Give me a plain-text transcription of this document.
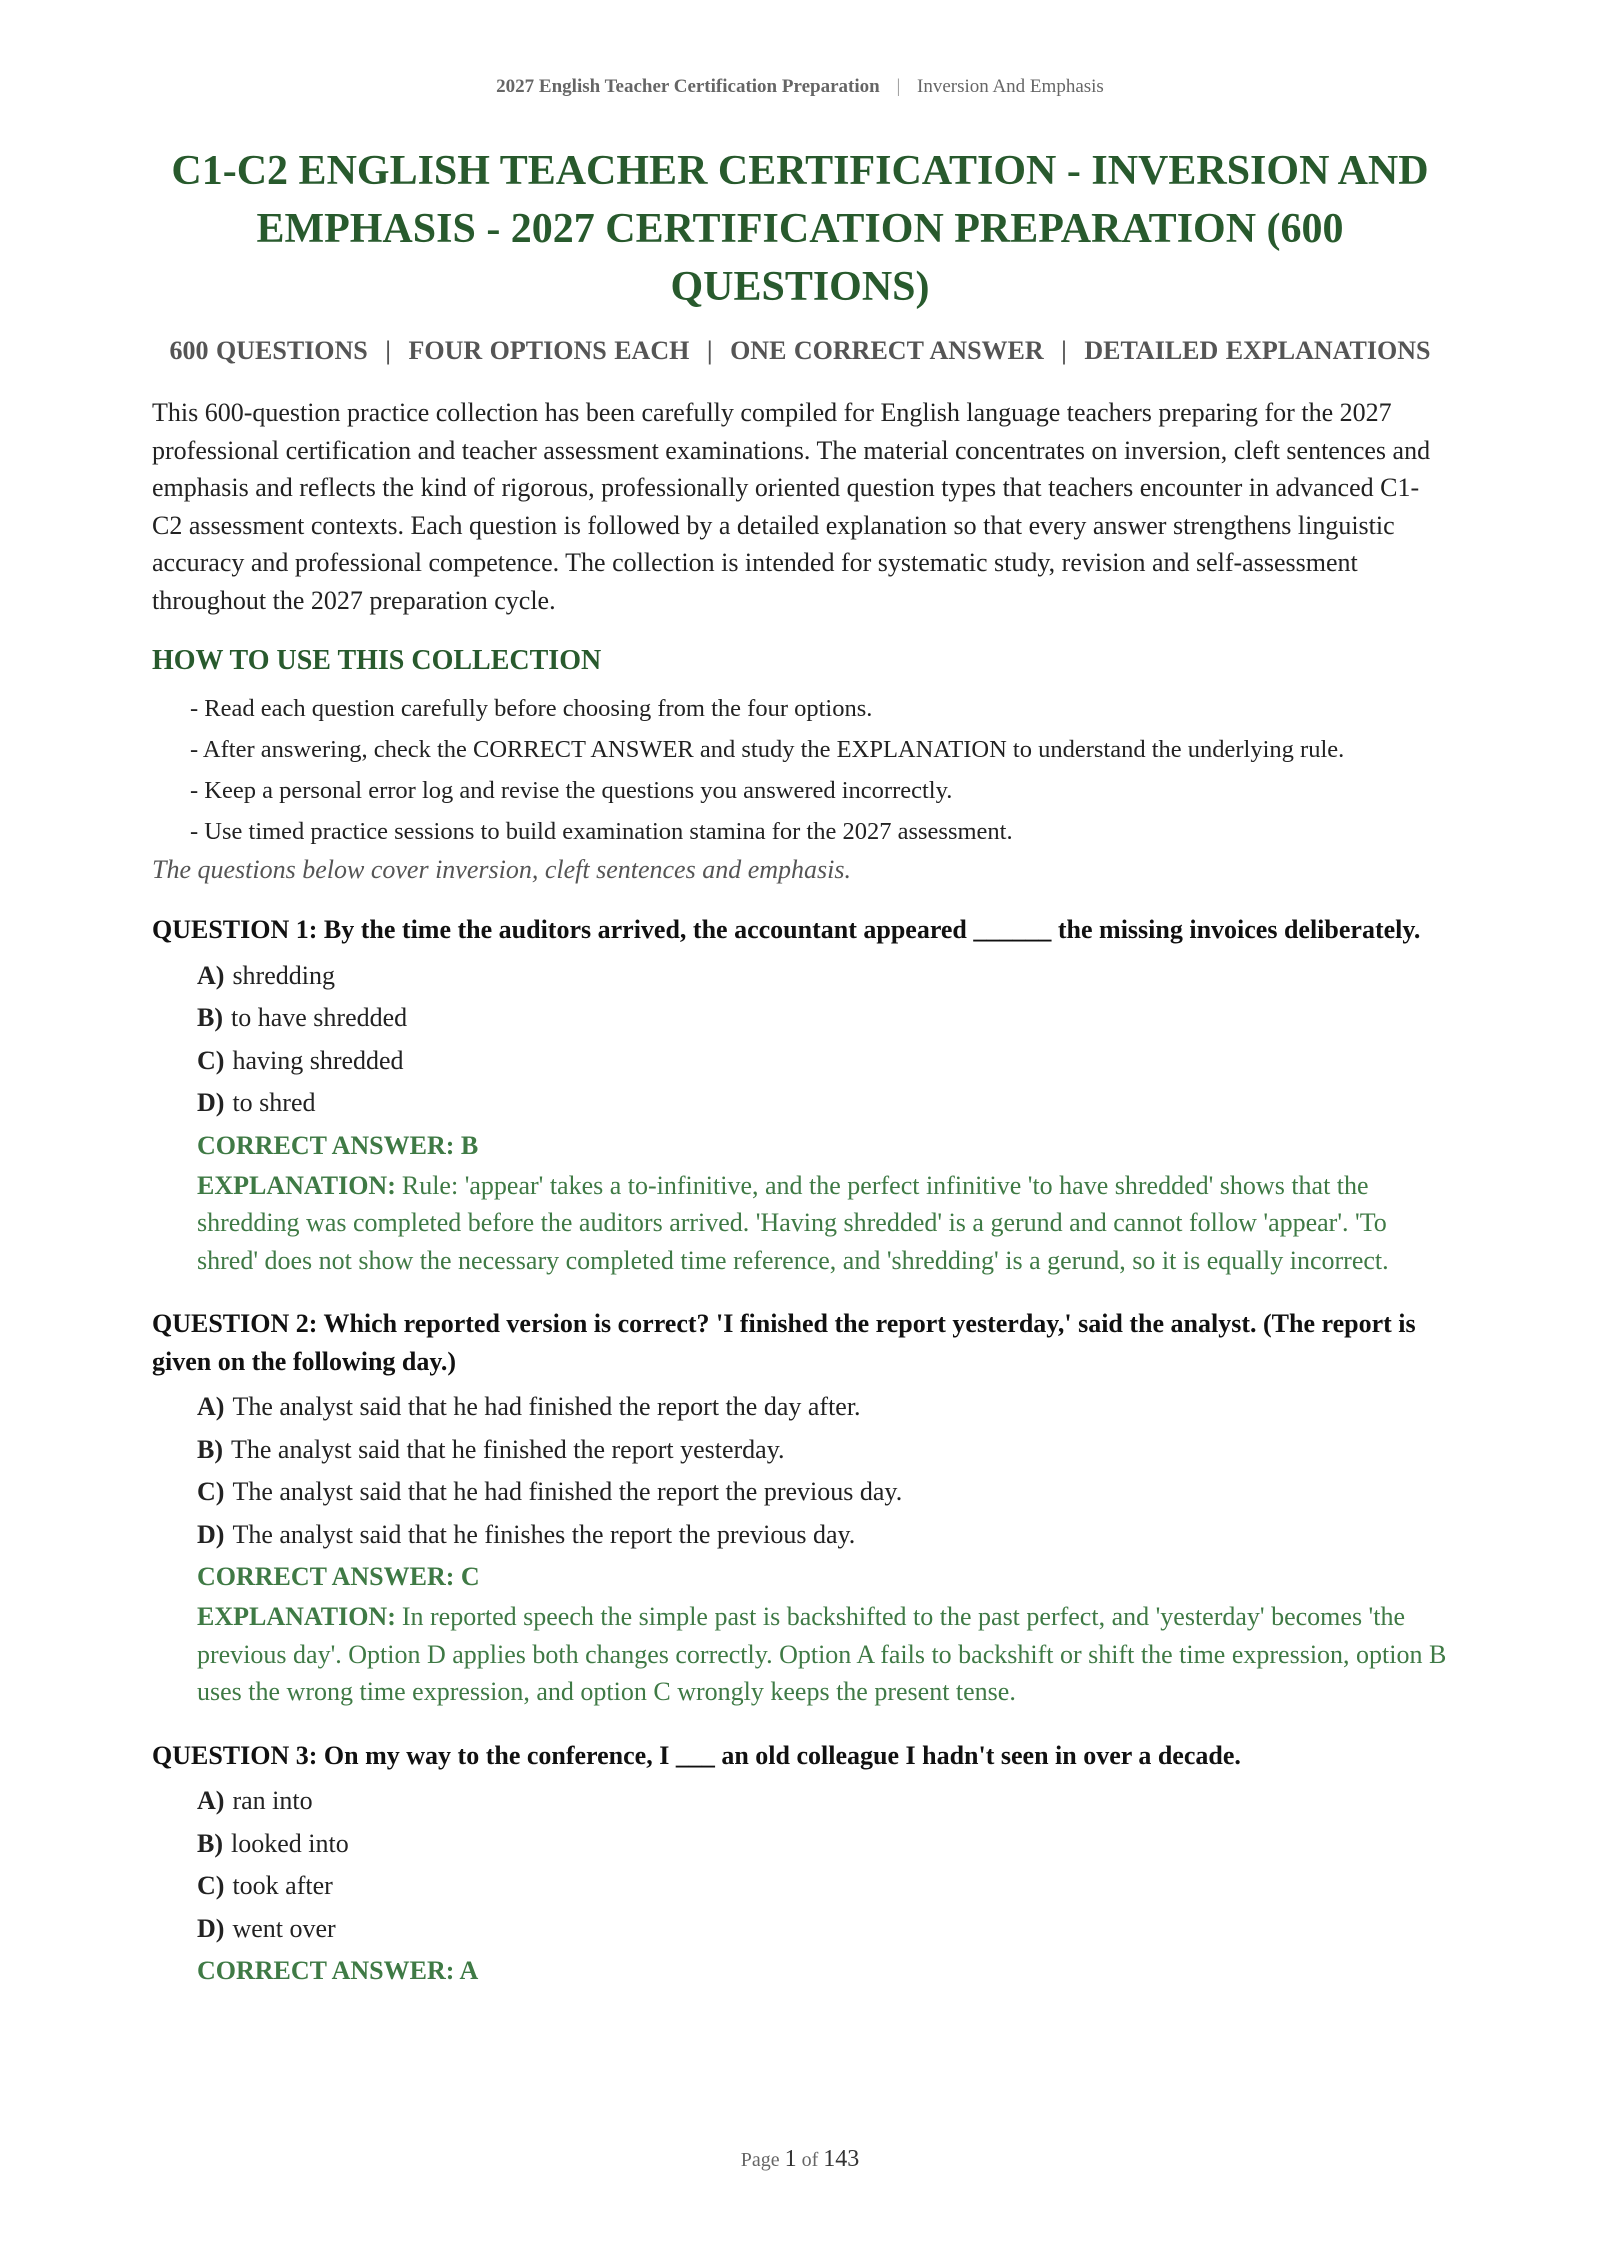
2027 English Teacher Certification Preparation | Inversion And Emphasis
C1-C2 ENGLISH TEACHER CERTIFICATION - INVERSION AND EMPHASIS - 2027 CERTIFICATION PREPARATION (600 QUESTIONS)
600 QUESTIONS | FOUR OPTIONS EACH | ONE CORRECT ANSWER | DETAILED EXPLANATIONS

This 600-question practice collection has been carefully compiled for English language teachers preparing for the 2027 professional certification and teacher assessment examinations. The material concentrates on inversion, cleft sentences and emphasis and reflects the kind of rigorous, professionally oriented question types that teachers encounter in advanced C1-C2 assessment contexts. Each question is followed by a detailed explanation so that every answer strengthens linguistic accuracy and professional competence. The collection is intended for systematic study, revision and self-assessment throughout the 2027 preparation cycle.

HOW TO USE THIS COLLECTION
- Read each question carefully before choosing from the four options.
- After answering, check the CORRECT ANSWER and study the EXPLANATION to understand the underlying rule.
- Keep a personal error log and revise the questions you answered incorrectly.
- Use timed practice sessions to build examination stamina for the 2027 assessment.
The questions below cover inversion, cleft sentences and emphasis.
QUESTION 1: By the time the auditors arrived, the accountant appeared ______ the missing invoices deliberately.
A) shredding
B) to have shredded
C) having shredded
D) to shred
CORRECT ANSWER: B
EXPLANATION: Rule: 'appear' takes a to-infinitive, and the perfect infinitive 'to have shredded' shows that the shredding was completed before the auditors arrived. 'Having shredded' is a gerund and cannot follow 'appear'. 'To shred' does not show the necessary completed time reference, and 'shredding' is a gerund, so it is equally incorrect.
QUESTION 2: Which reported version is correct? 'I finished the report yesterday,' said the analyst. (The report is given on the following day.)
A) The analyst said that he had finished the report the day after.
B) The analyst said that he finished the report yesterday.
C) The analyst said that he had finished the report the previous day.
D) The analyst said that he finishes the report the previous day.
CORRECT ANSWER: C
EXPLANATION: In reported speech the simple past is backshifted to the past perfect, and 'yesterday' becomes 'the previous day'. Option D applies both changes correctly. Option A fails to backshift or shift the time expression, option B uses the wrong time expression, and option C wrongly keeps the present tense.
QUESTION 3: On my way to the conference, I ___ an old colleague I hadn't seen in over a decade.
A) ran into
B) looked into
C) took after
D) went over
CORRECT ANSWER: A
Page 1 of 143
